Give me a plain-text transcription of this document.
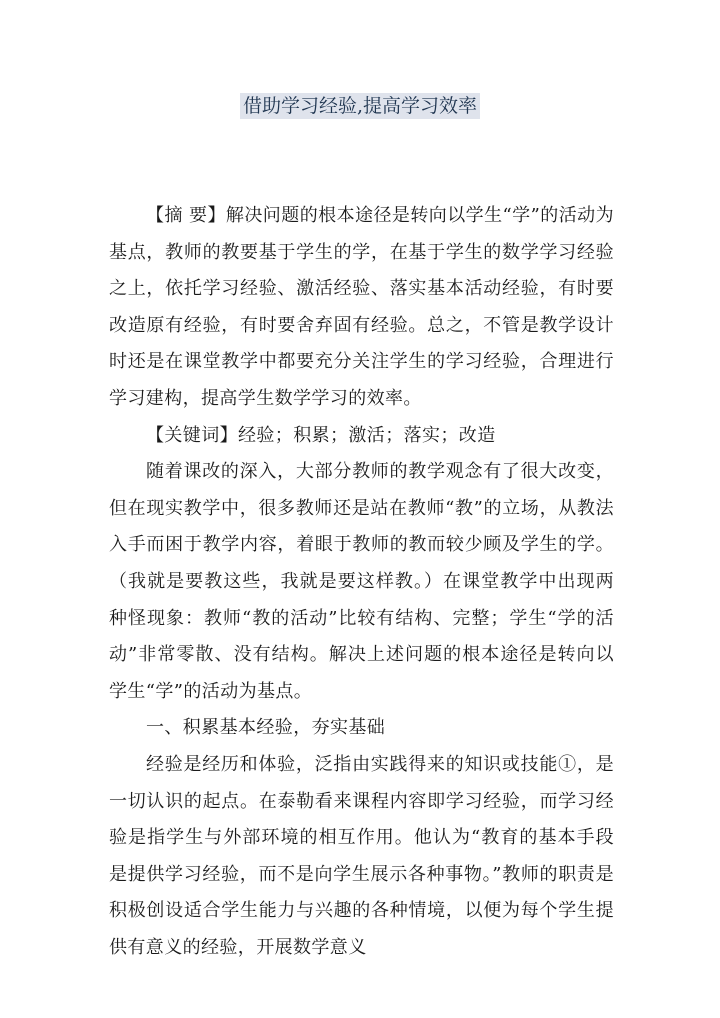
借助学习经验,提高学习效率

【摘 要】解决问题的根本途径是转向以学生“学”的活动为基点，教师的教要基于学生的学，在基于学生的数学学习经验之上，依托学习经验、激活经验、落实基本活动经验，有时要改造原有经验，有时要舍弃固有经验。总之，不管是教学设计时还是在课堂教学中都要充分关注学生的学习经验，合理进行学习建构，提高学生数学学习的效率。

【关键词】经验；积累；激活；落实；改造

随着课改的深入，大部分教师的教学观念有了很大改变，但在现实教学中，很多教师还是站在教师“教”的立场，从教法入手而困于教学内容，着眼于教师的教而较少顾及学生的学。（我就是要教这些，我就是要这样教。）在课堂教学中出现两种怪现象：教师“教的活动”比较有结构、完整；学生“学的活动”非常零散、没有结构。解决上述问题的根本途径是转向以学生“学”的活动为基点。

一、积累基本经验，夯实基础

经验是经历和体验，泛指由实践得来的知识或技能①，是一切认识的起点。在泰勒看来课程内容即学习经验，而学习经验是指学生与外部环境的相互作用。他认为“教育的基本手段是提供学习经验，而不是向学生展示各种事物。”教师的职责是积极创设适合学生能力与兴趣的各种情境，以便为每个学生提供有意义的经验，开展数学意义
